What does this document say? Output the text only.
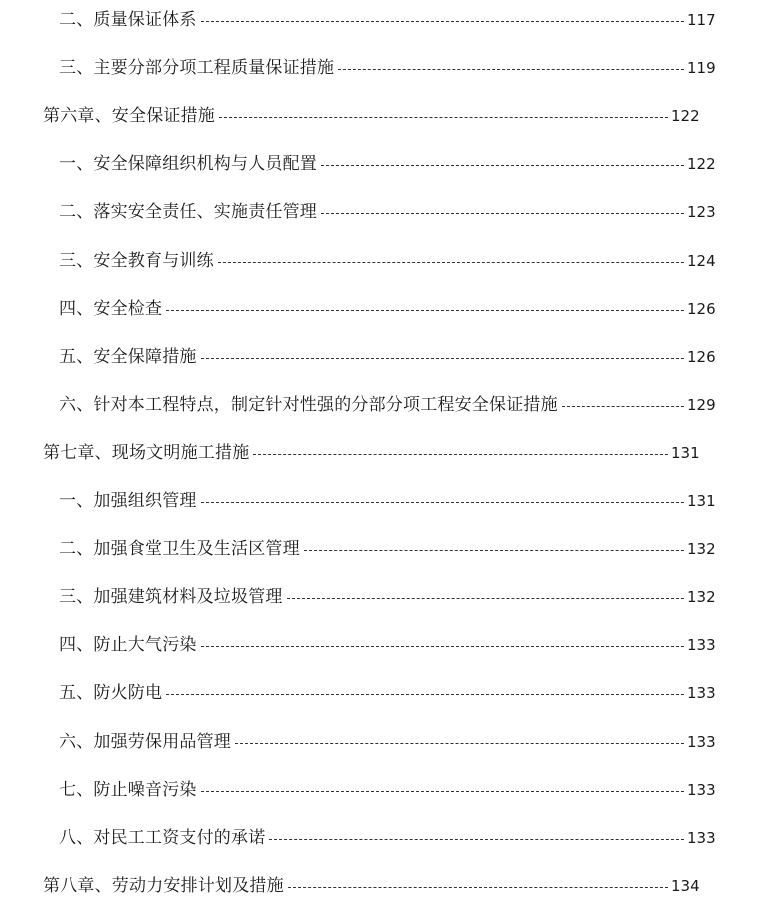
二、质量保证体系	117
三、主要分部分项工程质量保证措施	119
第六章、安全保证措施	122
一、安全保障组织机构与人员配置	122
二、落实安全责任、实施责任管理	123
三、安全教育与训练	124
四、安全检查	126
五、安全保障措施	126
六、针对本工程特点，制定针对性强的分部分项工程安全保证措施	129
第七章、现场文明施工措施	131
一、加强组织管理	131
二、加强食堂卫生及生活区管理	132
三、加强建筑材料及垃圾管理	132
四、防止大气污染	133
五、防火防电	133
六、加强劳保用品管理	133
七、防止噪音污染	133
八、对民工工资支付的承诺	133
第八章、劳动力安排计划及措施	134
